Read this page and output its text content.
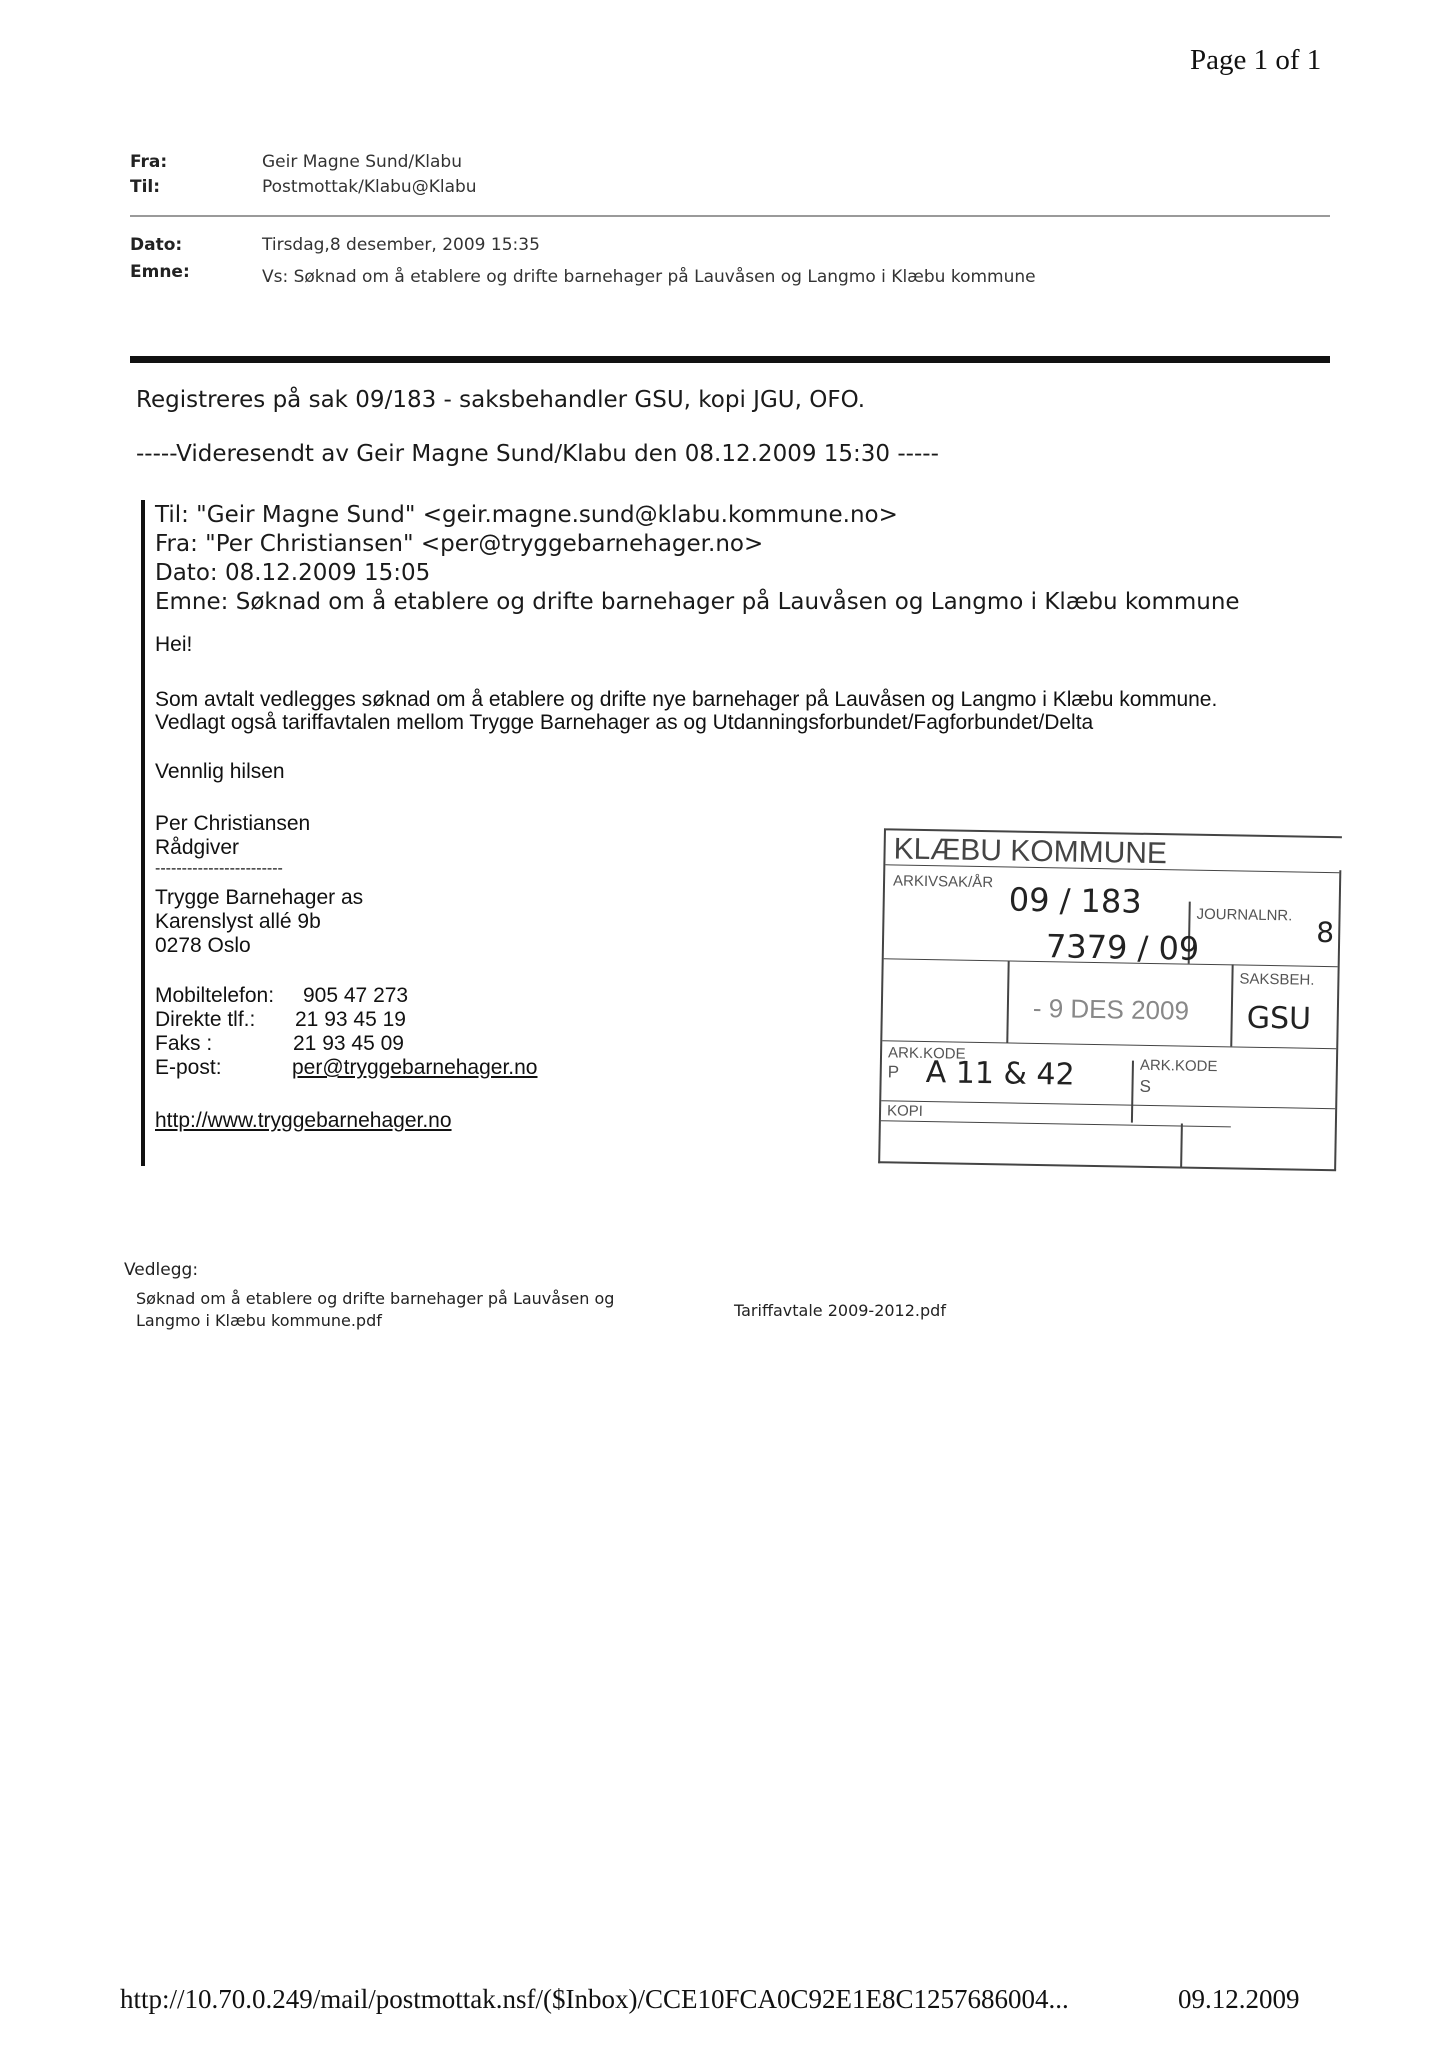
Page 1 of 1
Fra:	Geir Magne Sund/Klabu
Til:	Postmottak/Klabu@Klabu
Dato:	Tirsdag,8 desember, 2009 15:35
Emne:	Vs: Søknad om å etablere og drifte barnehager på Lauvåsen og Langmo i Klæbu kommune
Registreres på sak 09/183 - saksbehandler GSU, kopi JGU, OFO.
-----Videresendt av Geir Magne Sund/Klabu den 08.12.2009 15:30 -----
Til: "Geir Magne Sund" <geir.magne.sund@klabu.kommune.no>
Fra: "Per Christiansen" <per@tryggebarnehager.no>
Dato: 08.12.2009 15:05
Emne: Søknad om å etablere og drifte barnehager på Lauvåsen og Langmo i Klæbu kommune
Hei!
Som avtalt vedlegges søknad om å etablere og drifte nye barnehager på Lauvåsen og Langmo i Klæbu kommune.
Vedlagt også tariffavtalen mellom Trygge Barnehager as og Utdanningsforbundet/Fagforbundet/Delta
Vennlig hilsen
Per Christiansen
Rådgiver
------------------------
Trygge Barnehager as
Karenslyst allé 9b
0278 Oslo
Mobiltelefon: 905 47 273
Direkte tlf.: 21 93 45 19
Faks :	21 93 45 09
E-post:	per@tryggebarnehager.no
http://www.tryggebarnehager.no
KLÆBU KOMMUNE
ARKIVSAK/ÅR 09 / 183	JOURNALNR.
8
7379 / 09
- 9 DES 2009
SAKSBEH.
GSU
ARK.KODE
P A 11 & 42	ARK.KODE
S
KOPI
Vedlegg:
Søknad om å etablere og drifte barnehager på Lauvåsen og Langmo i Klæbu kommune.pdf
Tariffavtale 2009-2012.pdf
http://10.70.0.249/mail/postmottak.nsf/($Inbox)/CCE10FCA0C92E1E8C1257686004...	09.12.2009
